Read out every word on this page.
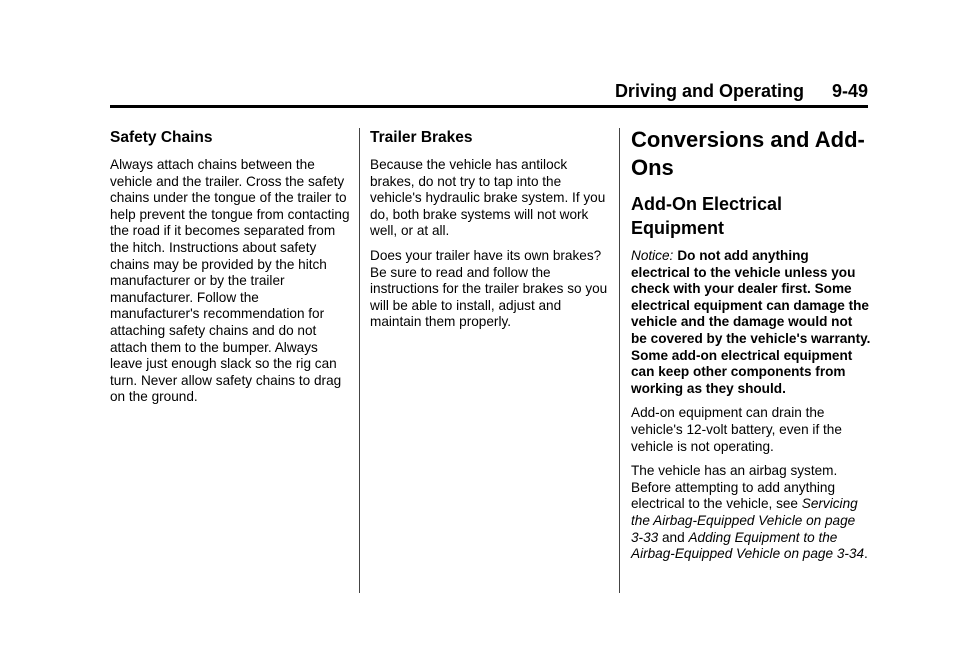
Driving and Operating 9-49
Safety Chains

Always attach chains between the vehicle and the trailer. Cross the safety chains under the tongue of the trailer to help prevent the tongue from contacting the road if it becomes separated from the hitch. Instructions about safety chains may be provided by the hitch manufacturer or by the trailer manufacturer. Follow the manufacturer's recommendation for attaching safety chains and do not attach them to the bumper. Always leave just enough slack so the rig can turn. Never allow safety chains to drag on the ground.

Trailer Brakes

Because the vehicle has antilock brakes, do not try to tap into the vehicle's hydraulic brake system. If you do, both brake systems will not work well, or at all.

Does your trailer have its own brakes? Be sure to read and follow the instructions for the trailer brakes so you will be able to install, adjust and maintain them properly.

Conversions and Add-Ons
Add-On Electrical Equipment

Notice: Do not add anything electrical to the vehicle unless you check with your dealer first. Some electrical equipment can damage the vehicle and the damage would not be covered by the vehicle's warranty. Some add-on electrical equipment can keep other components from working as they should.

Add-on equipment can drain the vehicle's 12-volt battery, even if the vehicle is not operating.

The vehicle has an airbag system. Before attempting to add anything electrical to the vehicle, see Servicing the Airbag-Equipped Vehicle on page 3-33 and Adding Equipment to the Airbag-Equipped Vehicle on page 3-34.
